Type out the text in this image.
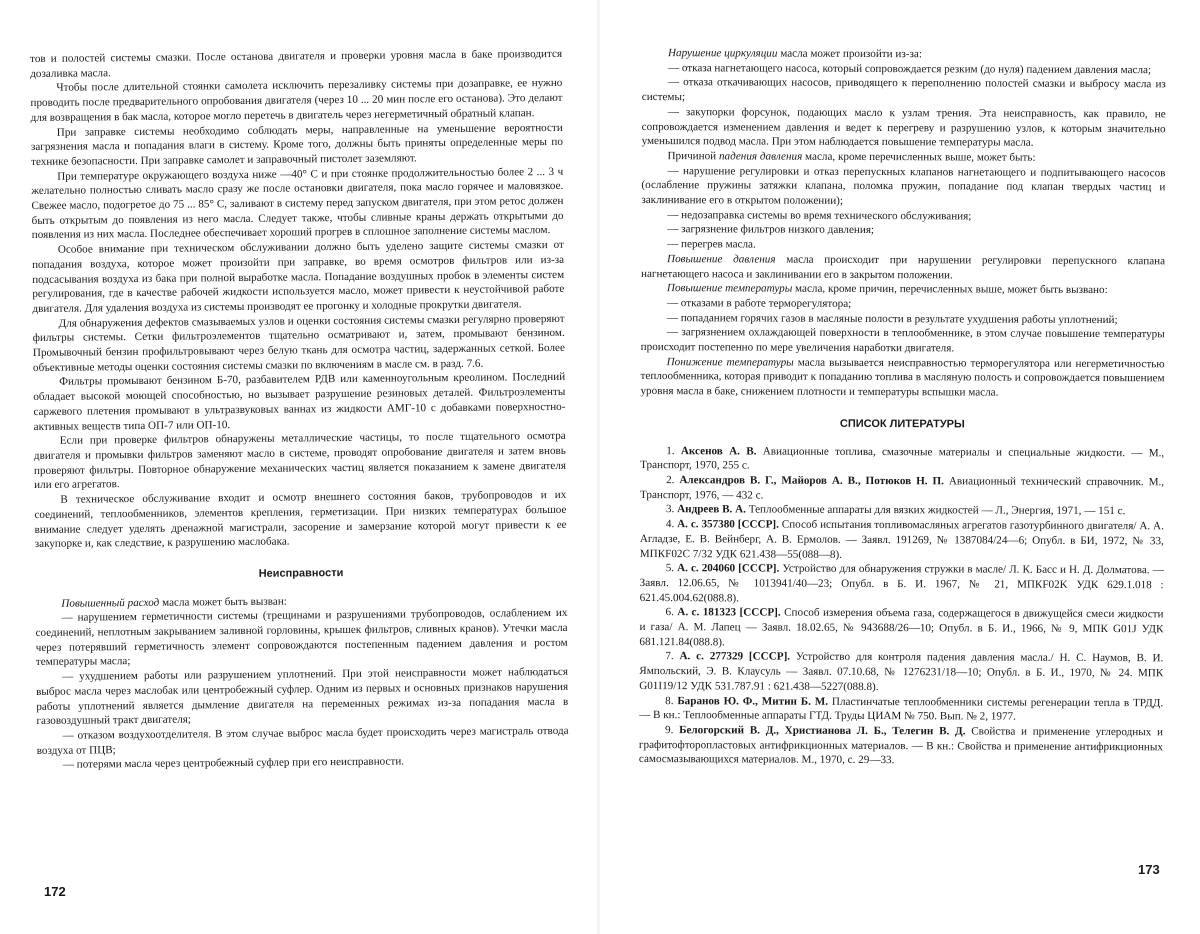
тов и полостей системы смазки. После останова двигателя и проверки уровня масла в баке производится дозаливка масла.

Чтобы после длительной стоянки самолета исключить перезаливку системы при дозаправке, ее нужно проводить после предварительного опробования двигателя (через 10 ... 20 мин после его останова). Это делают для возвращения в бак масла, которое могло перетечь в двигатель через негерметичный обратный клапан.

При заправке системы необходимо соблюдать меры, направленные на уменьшение вероятности загрязнения масла и попадания влаги в систему. Кроме того, должны быть приняты определенные меры по технике безопасности. При заправке самолет и заправочный пистолет заземляют.

При температуре окружающего воздуха ниже —40° С и при стоянке продолжительностью более 2 ... 3 ч желательно полностью сливать масло сразу же после остановки двигателя, пока масло горячее и маловязкое. Свежее масло, подогретое до 75 ... 85° С, заливают в систему перед запуском двигателя, при этом ретос должен быть открытым до появления из него масла. Следует также, чтобы сливные краны держать открытыми до появления из них масла. Последнее обеспечивает хороший прогрев в сплошное заполнение системы маслом.

Особое внимание при техническом обслуживании должно быть уделено защите системы смазки от попадания воздуха, которое может произойти при заправке, во время осмотров фильтров или из-за подсасывания воздуха из бака при полной выработке масла. Попадание воздушных пробок в элементы систем регулирования, где в качестве рабочей жидкости используется масло, может привести к неустойчивой работе двигателя. Для удаления воздуха из системы производят ее прогонку и холодные прокрутки двигателя.

Для обнаружения дефектов смазываемых узлов и оценки состояния системы смазки регулярно проверяют фильтры системы. Сетки фильтроэлементов тщательно осматривают и, затем, промывают бензином. Промывочный бензин профильтровывают через белую ткань для осмотра частиц, задержанных сеткой. Более объективные методы оценки состояния системы смазки по включениям в масле см. в разд. 7.6.

Фильтры промывают бензином Б-70, разбавителем РДВ или каменноугольным креолином. Последний обладает высокой моющей способностью, но вызывает разрушение резиновых деталей. Фильтроэлементы саржевого плетения промывают в ультразвуковых ваннах из жидкости АМГ-10 с добавками поверхностно-активных веществ типа ОП-7 или ОП-10.

Если при проверке фильтров обнаружены металлические частицы, то после тщательного осмотра двигателя и промывки фильтров заменяют масло в системе, проводят опробование двигателя и затем вновь проверяют фильтры. Повторное обнаружение механических частиц является показанием к замене двигателя или его агрегатов.

В техническое обслуживание входит и осмотр внешнего состояния баков, трубопроводов и их соединений, теплообменников, элементов крепления, герметизации. При низких температурах большое внимание следует уделять дренажной магистрали, засорение и замерзание которой могут привести к ее закупорке и, как следствие, к разрушению маслобака.

Неисправности

Повышенный расход масла может быть вызван:

— нарушением герметичности системы (трещинами и разрушениями трубопроводов, ослаблением их соединений, неплотным закрыванием заливной горловины, крышек фильтров, сливных кранов). Утечки масла через потерявший герметичность элемент сопровождаются постепенным падением давления и ростом температуры масла;

— ухудшением работы или разрушением уплотнений. При этой неисправности может наблюдаться выброс масла через маслобак или центробежный суфлер. Одним из первых и основных признаков нарушения работы уплотнений является дымление двигателя на переменных режимах из-за попадания масла в газовоздушный тракт двигателя;

— отказом воздухоотделителя. В этом случае выброс масла будет происходить через магистраль отвода воздуха от ПЦВ;

— потерями масла через центробежный суфлер при его неисправности.

172

Нарушение циркуляции масла может произойти из-за:

— отказа нагнетающего насоса, который сопровождается резким (до нуля) падением давления масла;

— отказа откачивающих насосов, приводящего к переполнению полостей смазки и выбросу масла из системы;

— закупорки форсунок, подающих масло к узлам трения. Эта неисправность, как правило, не сопровождается изменением давления и ведет к перегреву и разрушению узлов, к которым значительно уменьшился подвод масла. При этом наблюдается повышение температуры масла.

Причиной падения давления масла, кроме перечисленных выше, может быть:

— нарушение регулировки и отказ перепускных клапанов нагнетающего и подпитывающего насосов (ослабление пружины затяжки клапана, поломка пружин, попадание под клапан твердых частиц и заклинивание его в открытом положении);

— недозаправка системы во время технического обслуживания;

— загрязнение фильтров низкого давления;

— перегрев масла.

Повышение давления масла происходит при нарушении регулировки перепускного клапана нагнетающего насоса и заклинивании его в закрытом положении.

Повышение температуры масла, кроме причин, перечисленных выше, может быть вызвано:

— отказами в работе терморегулятора;

— попаданием горячих газов в масляные полости в результате ухудшения работы уплотнений;

— загрязнением охлаждающей поверхности в теплообменнике, в этом случае повышение температуры происходит постепенно по мере увеличения наработки двигателя.

Понижение температуры масла вызывается неисправностью терморегулятора или негерметичностью теплообменника, которая приводит к попаданию топлива в масляную полость и сопровождается повышением уровня масла в баке, снижением плотности и температуры вспышки масла.

СПИСОК ЛИТЕРАТУРЫ

1. Аксенов А. В. Авиационные топлива, смазочные материалы и специальные жидкости. — М., Транспорт, 1970, 255 с.

2. Александров В. Г., Майоров А. В., Потюков Н. П. Авиационный технический справочник. М., Транспорт, 1976, — 432 с.

3. Андреев В. А. Теплообменные аппараты для вязких жидкостей — Л., Энергия, 1971, — 151 с.

4. А. с. 357380 [СССР]. Способ испытания топливомасляных агрегатов газотурбинного двигателя/ А. А. Агладзе, Е. В. Вейнберг, А. В. Ермолов. — Заявл. 191269, № 1387084/24—6; Опубл. в БИ, 1972, № 33, МПКF02C 7/32 УДК 621.438—55(088—8).

5. А. с. 204060 [СССР]. Устройство для обнаружения стружки в масле/ Л. К. Басс и Н. Д. Долматова. — Заявл. 12.06.65, № 1013941/40—23; Опубл. в Б. И. 1967, № 21, МПКF02K УДК 629.1.018 : 621.45.004.62(088.8).

6. А. с. 181323 [СССР]. Способ измерения объема газа, содержащегося в движущейся смеси жидкости и газа/ А. М. Лапец — Заявл. 18.02.65, № 943688/26—10; Опубл. в Б. И., 1966, № 9, МПК G01J УДК 681.121.84(088.8).

7. А. с. 277329 [СССР]. Устройство для контроля падения давления масла./ Н. С. Наумов, В. И. Ямпольский, Э. В. Клаусуль — Заявл. 07.10.68, № 1276231/18—10; Опубл. в Б. И., 1970, № 24. МПК G01I19/12 УДК 531.787.91 : 621.438—5227(088.8).

8. Баранов Ю. Ф., Митин Б. М. Пластинчатые теплообменники системы регенерации тепла в ТРДД. — В кн.: Теплообменные аппараты ГТД. Труды ЦИАМ № 750. Вып. № 2, 1977.

9. Белогорский В. Д., Христианова Л. Б., Телегин В. Д. Свойства и применение углеродных и графитофторопластовых антифрикционных материалов. — В кн.: Свойства и применение антифрикционных самосмазывающихся материалов. М., 1970, с. 29—33.

173
